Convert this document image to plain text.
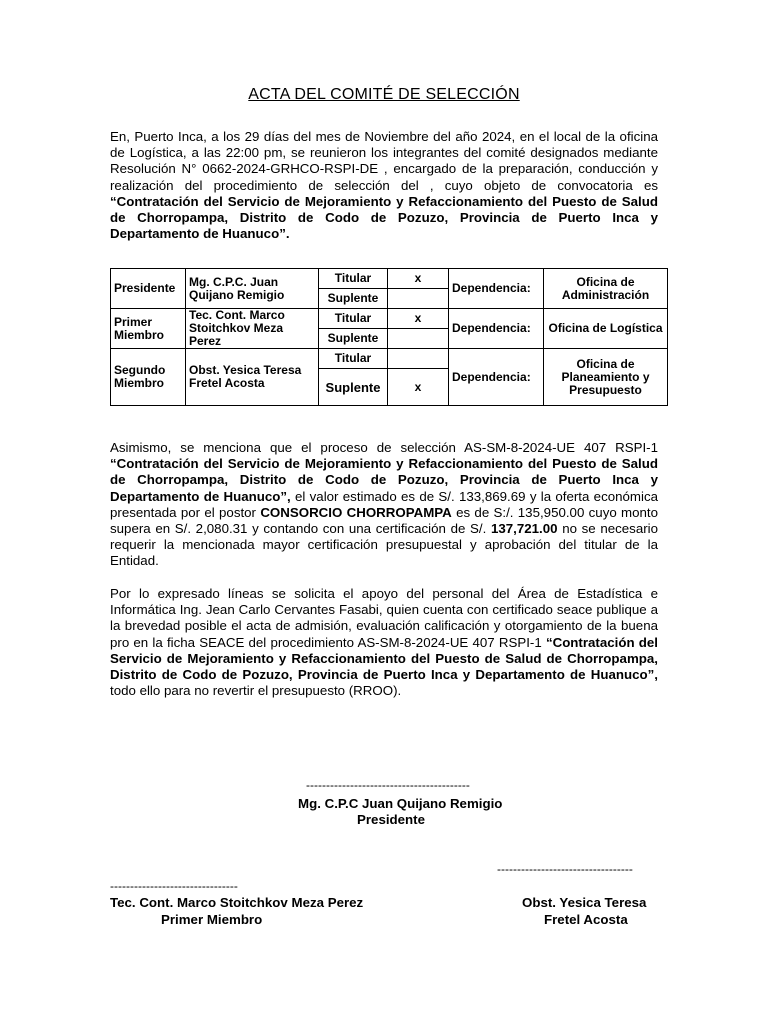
ACTA DEL COMITÉ DE SELECCIÓN

En, Puerto Inca, a los 29 días del mes de Noviembre del año 2024, en el local de la oficina de Logística, a las 22:00 pm, se reunieron los integrantes del comité designados mediante Resolución N° 0662-2024-GRHCO-RSPI-DE , encargado de la preparación, conducción y realización del procedimiento de selección del , cuyo objeto de convocatoria es “Contratación del Servicio de Mejoramiento y Refaccionamiento del Puesto de Salud de Chorropampa, Distrito de Codo de Pozuzo, Provincia de Puerto Inca y Departamento de Huanuco”.

Presidente	Mg. C.P.C. Juan Quijano Remigio	Titular	x	Dependencia:	Oficina de Administración
		Suplente			
Primer Miembro	Tec. Cont. Marco Stoitchkov Meza Perez	Titular	x	Dependencia:	Oficina de Logística
		Suplente			
Segundo Miembro	Obst. Yesica Teresa Fretel Acosta	Titular		Dependencia:	Oficina de Planeamiento y Presupuesto
		Suplente	x		

Asimismo, se menciona que el proceso de selección AS-SM-8-2024-UE 407 RSPI-1 “Contratación del Servicio de Mejoramiento y Refaccionamiento del Puesto de Salud de Chorropampa, Distrito de Codo de Pozuzo, Provincia de Puerto Inca y Departamento de Huanuco”, el valor estimado es de S/. 133,869.69 y la oferta económica presentada por el postor CONSORCIO CHORROPAMPA es de S:/. 135,950.00 cuyo monto supera en S/. 2,080.31 y contando con una certificación de S/. 137,721.00 no se necesario requerir la mencionada mayor certificación presupuestal y aprobación del titular de la Entidad.

Por lo expresado líneas se solicita el apoyo del personal del Área de Estadística e Informática Ing. Jean Carlo Cervantes Fasabi, quien cuenta con certificado seace publique a la brevedad posible el acta de admisión, evaluación calificación y otorgamiento de la buena pro en la ficha SEACE del procedimiento AS-SM-8-2024-UE 407 RSPI-1 “Contratación del Servicio de Mejoramiento y Refaccionamiento del Puesto de Salud de Chorropampa, Distrito de Codo de Pozuzo, Provincia de Puerto Inca y Departamento de Huanuco”, todo ello para no revertir el presupuesto (RROO).

-----------------------------------------
Mg. C.P.C Juan Quijano Remigio
Presidente
----------------------------------
--------------------------------
Tec. Cont. Marco Stoitchkov Meza Perez
Primer Miembro
Obst. Yesica Teresa
Fretel Acosta
